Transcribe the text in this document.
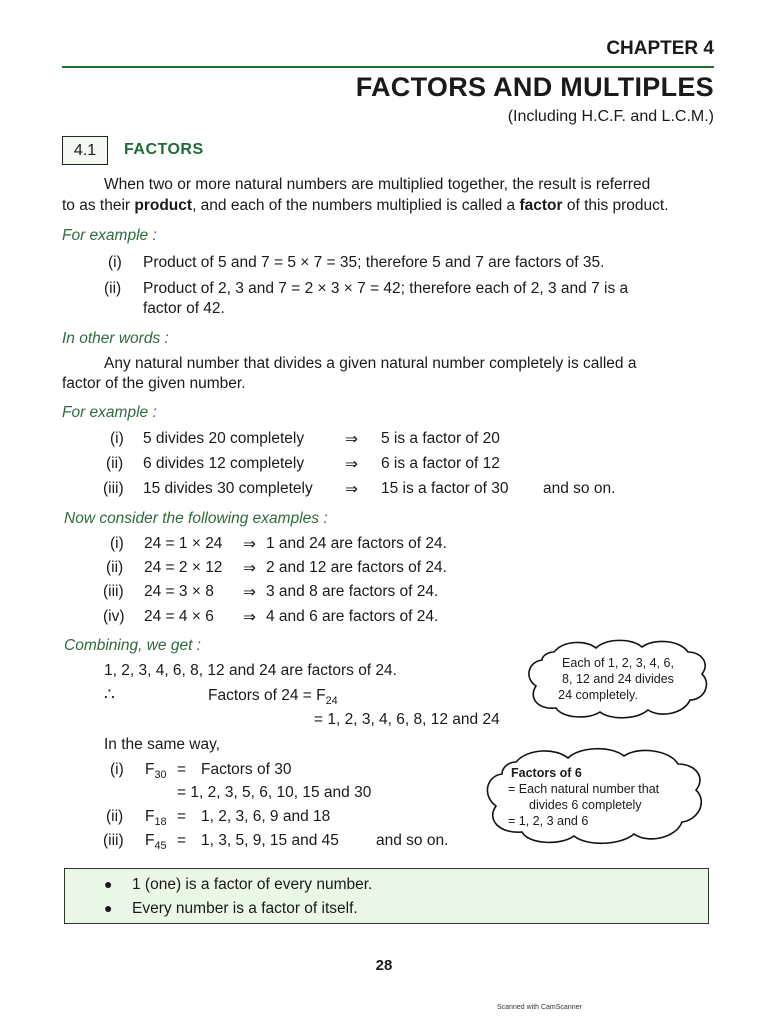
CHAPTER 4
FACTORS AND MULTIPLES
(Including H.C.F. and L.C.M.)
4.1	FACTORS
When two or more natural numbers are multiplied together, the result is referred
to as their product, and each of the numbers multiplied is called a factor of this product.
For example :
(i) Product of 5 and 7 = 5 × 7 = 35; therefore 5 and 7 are factors of 35.
(ii) Product of 2, 3 and 7 = 2 × 3 × 7 = 42; therefore each of 2, 3 and 7 is a
factor of 42.
In other words :
Any natural number that divides a given natural number completely is called a
factor of the given number.
For example :
(i) 5 divides 20 completely	⇒ 5 is a factor of 20
(ii) 6 divides 12 completely	⇒ 6 is a factor of 12
(iii) 15 divides 30 completely ⇒ 15 is a factor of 30 and so on.
Now consider the following examples :
(i) 24 = 1 × 24 ⇒ 1 and 24 are factors of 24.
(ii) 24 = 2 × 12 ⇒ 2 and 12 are factors of 24.
(iii) 24 = 3 × 8 ⇒ 3 and 8 are factors of 24.
(iv) 24 = 4 × 6 ⇒ 4 and 6 are factors of 24.
Combining, we get :
1, 2, 3, 4, 6, 8, 12 and 24 are factors of 24.
∴	Factors of $24 = F_{24}$
= 1, 2, 3, 4, 6, 8, 12 and 24
Each of 1, 2, 3, 4, 6,
8, 12 and 24 divides
24 completely.
In the same way,
(i) $F_{30}$ = Factors of 30
= 1, 2, 3, 5, 6, 10, 15 and 30
(ii) $F_{18} = 1$, 2, 3, 6, 9 and 18
(iii) $F_{45} = 1$, 3, 5, 9, 15 and 45 and so on.
Factors of 6
= Each natural number that
divides 6 completely
= 1, 2, 3 and 6
● 1 (one) is a factor of every number.
● Every number is a factor of itself.
28
Scanned with CamScanner
